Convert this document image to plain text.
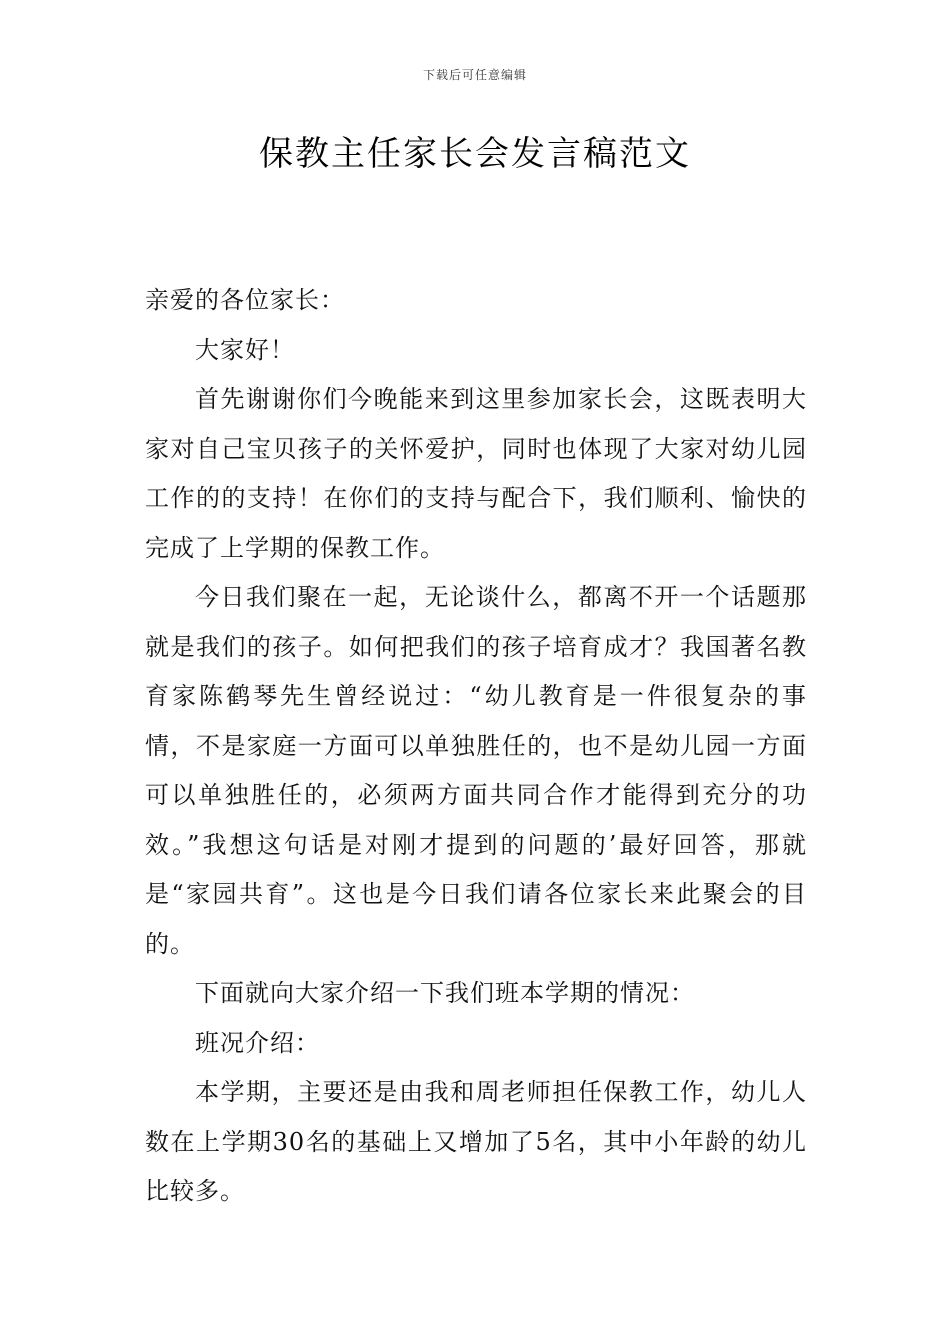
下载后可任意编辑
保教主任家长会发言稿范文

亲爱的各位家长：

大家好！

首先谢谢你们今晚能来到这里参加家长会，这既表明大家对自己宝贝孩子的关怀爱护，同时也体现了大家对幼儿园工作的的支持！在你们的支持与配合下，我们顺利、愉快的完成了上学期的保教工作。

今日我们聚在一起，无论谈什么，都离不开一个话题那就是我们的孩子。如何把我们的孩子培育成才？我国著名教育家陈鹤琴先生曾经说过：“幼儿教育是一件很复杂的事情，不是家庭一方面可以单独胜任的，也不是幼儿园一方面可以单独胜任的，必须两方面共同合作才能得到充分的功效。”我想这句话是对刚才提到的问题的’最好回答，那就是“家园共育”。这也是今日我们请各位家长来此聚会的目的。

下面就向大家介绍一下我们班本学期的情况：

班况介绍：

本学期，主要还是由我和周老师担任保教工作，幼儿人数在上学期30名的基础上又增加了5名，其中小年龄的幼儿比较多。
